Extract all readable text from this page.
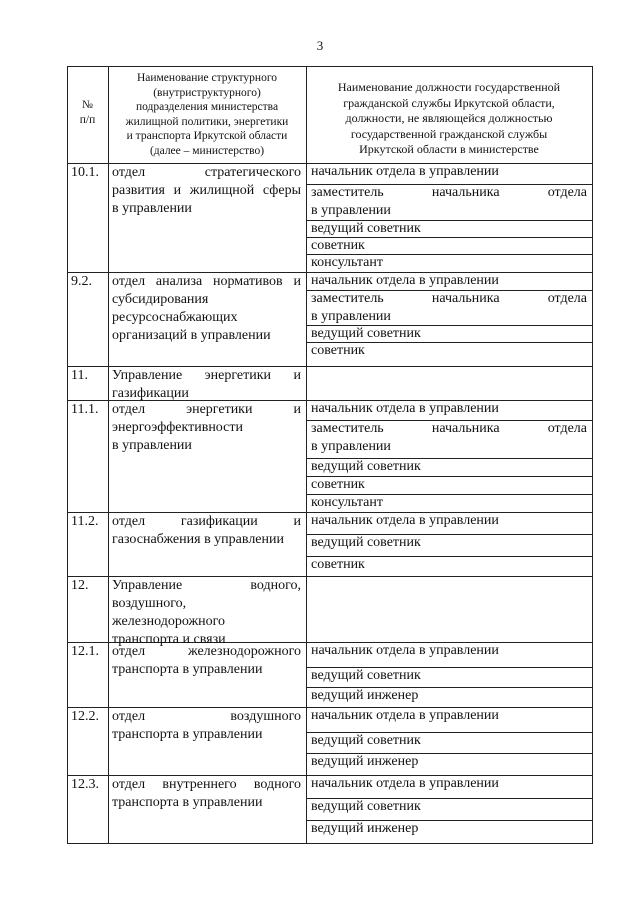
3
№
п/п
Наименование структурного
(внутриструктурного)
подразделения министерства
жилищной политики, энергетики
и транспорта Иркутской области
(далее – министерство)
Наименование должности государственной
гражданской службы Иркутской области,
должности, не являющейся должностью
государственной гражданской службы
Иркутской области в министерстве
10.1. отдел стратегического
развития и жилищной сферы
в управлении
начальник отдела в управлении
заместитель начальника отдела
в управлении
ведущий советник
советник
консультант
9.2. отдел анализа нормативов и
субсидирования
ресурсоснабжающих
организаций в управлении
начальник отдела в управлении
заместитель начальника отдела
в управлении
ведущий советник
советник
11. Управление энергетики и
газификации
11.1. отдел энергетики и
энергоэффективности
в управлении
начальник отдела в управлении
заместитель начальника отдела
в управлении
ведущий советник
советник
консультант
11.2. отдел газификации и
газоснабжения в управлении
начальник отдела в управлении
ведущий советник
советник
12. Управление водного,
воздушного,
железнодорожного
транспорта и связи
12.1. отдел железнодорожного
транспорта в управлении
начальник отдела в управлении
ведущий советник
ведущий инженер
12.2. отдел воздушного
транспорта в управлении
начальник отдела в управлении
ведущий советник
ведущий инженер
12.3. отдел внутреннего водного
транспорта в управлении
начальник отдела в управлении
ведущий советник
ведущий инженер
